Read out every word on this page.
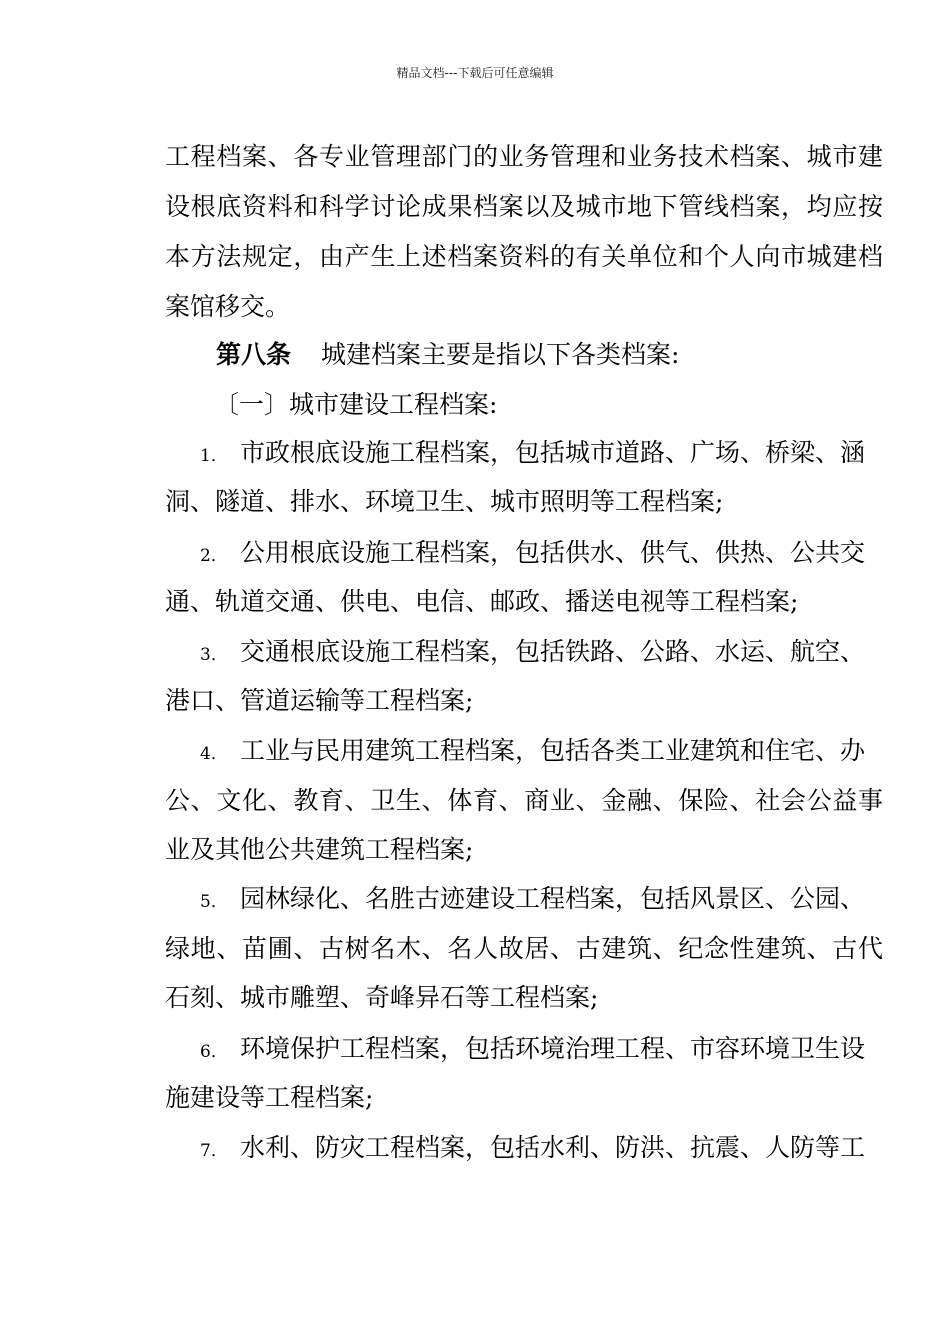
精品文档---下载后可任意编辑
工程档案、各专业管理部门的业务管理和业务技术档案、城市建
设根底资料和科学讨论成果档案以及城市地下管线档案，均应按
本方法规定，由产生上述档案资料的有关单位和个人向市城建档
案馆移交。
第八条 城建档案主要是指以下各类档案:
〔一〕城市建设工程档案:
1． 市政根底设施工程档案，包括城市道路、广场、桥梁、涵
洞、隧道、排水、环境卫生、城市照明等工程档案;
2． 公用根底设施工程档案，包括供水、供气、供热、公共交
通、轨道交通、供电、电信、邮政、播送电视等工程档案;
3． 交通根底设施工程档案，包括铁路、公路、水运、航空、
港口、管道运输等工程档案;
4． 工业与民用建筑工程档案，包括各类工业建筑和住宅、办
公、文化、教育、卫生、体育、商业、金融、保险、社会公益事
业及其他公共建筑工程档案;
5． 园林绿化、名胜古迹建设工程档案，包括风景区、公园、
绿地、苗圃、古树名木、名人故居、古建筑、纪念性建筑、古代
石刻、城市雕塑、奇峰异石等工程档案;
6． 环境保护工程档案，包括环境治理工程、市容环境卫生设
施建设等工程档案;
7． 水利、防灾工程档案，包括水利、防洪、抗震、人防等工
